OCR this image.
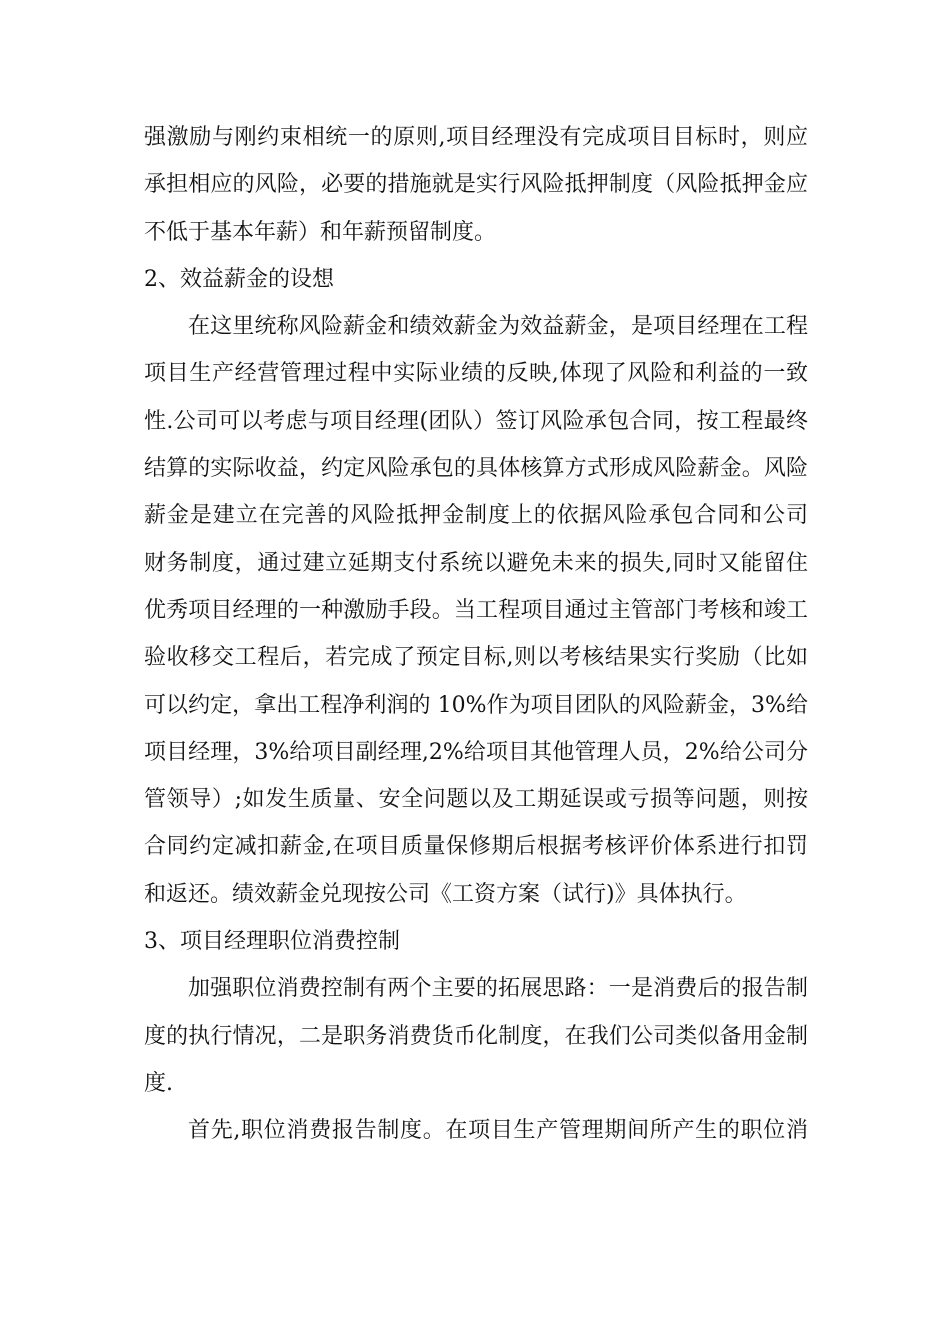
强激励与刚约束相统一的原则,项目经理没有完成项目目标时，则应
承担相应的风险，必要的措施就是实行风险抵押制度（风险抵押金应
不低于基本年薪）和年薪预留制度。
2、效益薪金的设想
在这里统称风险薪金和绩效薪金为效益薪金，是项目经理在工程
项目生产经营管理过程中实际业绩的反映,体现了风险和利益的一致
性.公司可以考虑与项目经理(团队）签订风险承包合同，按工程最终
结算的实际收益，约定风险承包的具体核算方式形成风险薪金。风险
薪金是建立在完善的风险抵押金制度上的依据风险承包合同和公司
财务制度，通过建立延期支付系统以避免未来的损失,同时又能留住
优秀项目经理的一种激励手段。当工程项目通过主管部门考核和竣工
验收移交工程后，若完成了预定目标,则以考核结果实行奖励（比如
可以约定，拿出工程净利润的 10%作为项目团队的风险薪金，3%给
项目经理，3%给项目副经理,2%给项目其他管理人员，2%给公司分
管领导）;如发生质量、安全问题以及工期延误或亏损等问题，则按
合同约定减扣薪金,在项目质量保修期后根据考核评价体系进行扣罚
和返还。绩效薪金兑现按公司《工资方案（试行)》具体执行。
3、项目经理职位消费控制
加强职位消费控制有两个主要的拓展思路：一是消费后的报告制
度的执行情况，二是职务消费货币化制度，在我们公司类似备用金制
度.
首先,职位消费报告制度。在项目生产管理期间所产生的职位消
